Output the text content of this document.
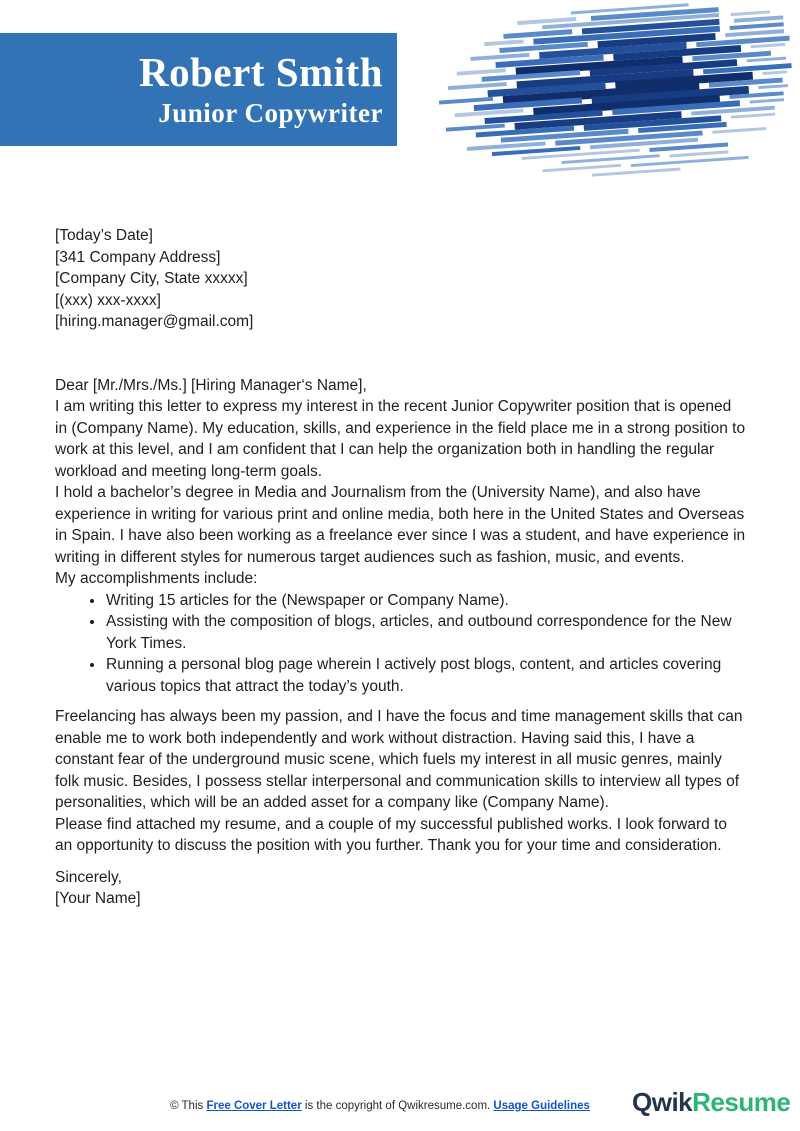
Robert Smith
Junior Copywriter

[Today’s Date]

[341 Company Address]

[Company City, State xxxxx]

[(xxx) xxx-xxxx]

[hiring.manager@gmail.com]

Dear [Mr./Mrs./Ms.] [Hiring Manager‘s Name],

I am writing this letter to express my interest in the recent Junior Copywriter position that is opened in (Company Name). My education, skills, and experience in the field place me in a strong position to work at this level, and I am confident that I can help the organization both in handling the regular workload and meeting long-term goals.

I hold a bachelor’s degree in Media and Journalism from the (University Name), and also have experience in writing for various print and online media, both here in the United States and Overseas in Spain. I have also been working as a freelance ever since I was a student, and have experience in writing in different styles for numerous target audiences such as fashion, music, and events.

My accomplishments include:

• Writing 15 articles for the (Newspaper or Company Name).
• Assisting with the composition of blogs, articles, and outbound correspondence for the New York Times.
• Running a personal blog page wherein I actively post blogs, content, and articles covering various topics that attract the today’s youth.

Freelancing has always been my passion, and I have the focus and time management skills that can enable me to work both independently and work without distraction. Having said this, I have a constant fear of the underground music scene, which fuels my interest in all music genres, mainly folk music. Besides, I possess stellar interpersonal and communication skills to interview all types of personalities, which will be an added asset for a company like (Company Name).

Please find attached my resume, and a couple of my successful published works. I look forward to an opportunity to discuss the position with you further. Thank you for your time and consideration.

Sincerely,

[Your Name]

© This Free Cover Letter is the copyright of Qwikresume.com. Usage Guidelines	QwikResume
